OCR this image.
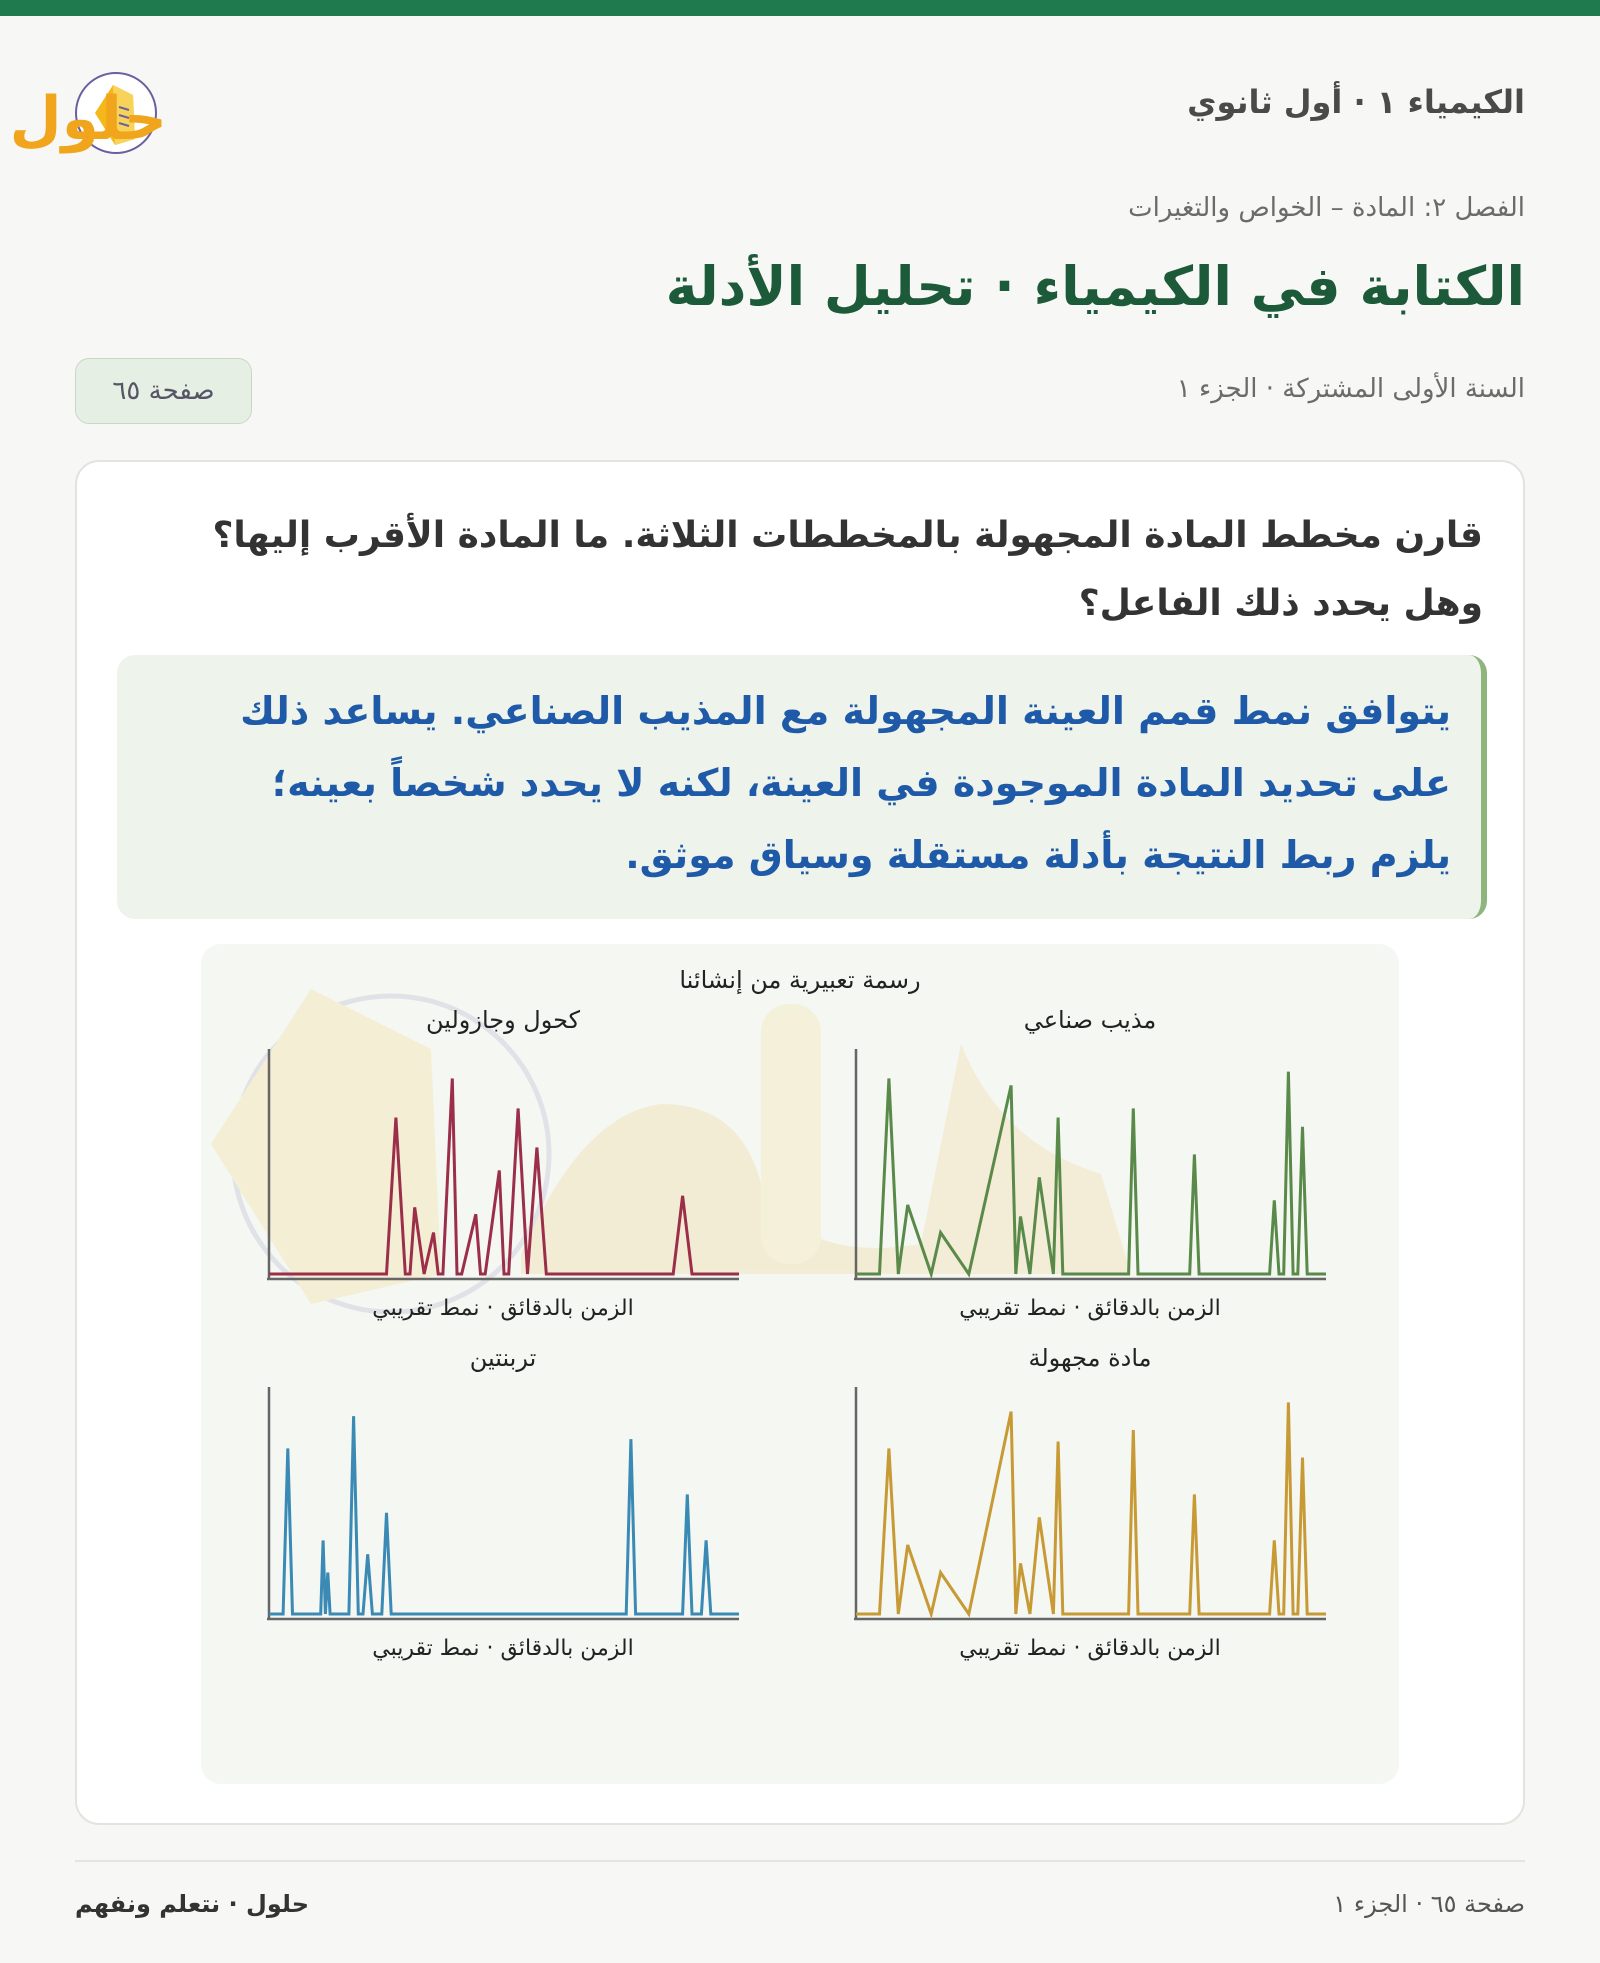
الكيمياء ١ · أول ثانوي
حلول
الفصل ٢: المادة – الخواص والتغيرات
الكتابة في الكيمياء · تحليل الأدلة
السنة الأولى المشتركة · الجزء ١
صفحة ٦٥
قارن مخطط المادة المجهولة بالمخططات الثلاثة. ما المادة الأقرب إليها؟
وهل يحدد ذلك الفاعل؟
يتوافق نمط قمم العينة المجهولة مع المذيب الصناعي. يساعد ذلك
على تحديد المادة الموجودة في العينة، لكنه لا يحدد شخصاً بعينه؛
يلزم ربط النتيجة بأدلة مستقلة وسياق موثق.
رسمة تعبيرية من إنشائنا
مذيب صناعي
الزمن بالدقائق · نمط تقريبي
كحول وجازولين
الزمن بالدقائق · نمط تقريبي
مادة مجهولة
الزمن بالدقائق · نمط تقريبي
تربنتين
الزمن بالدقائق · نمط تقريبي
صفحة ٦٥ · الجزء ١
حلول · نتعلم ونفهم
